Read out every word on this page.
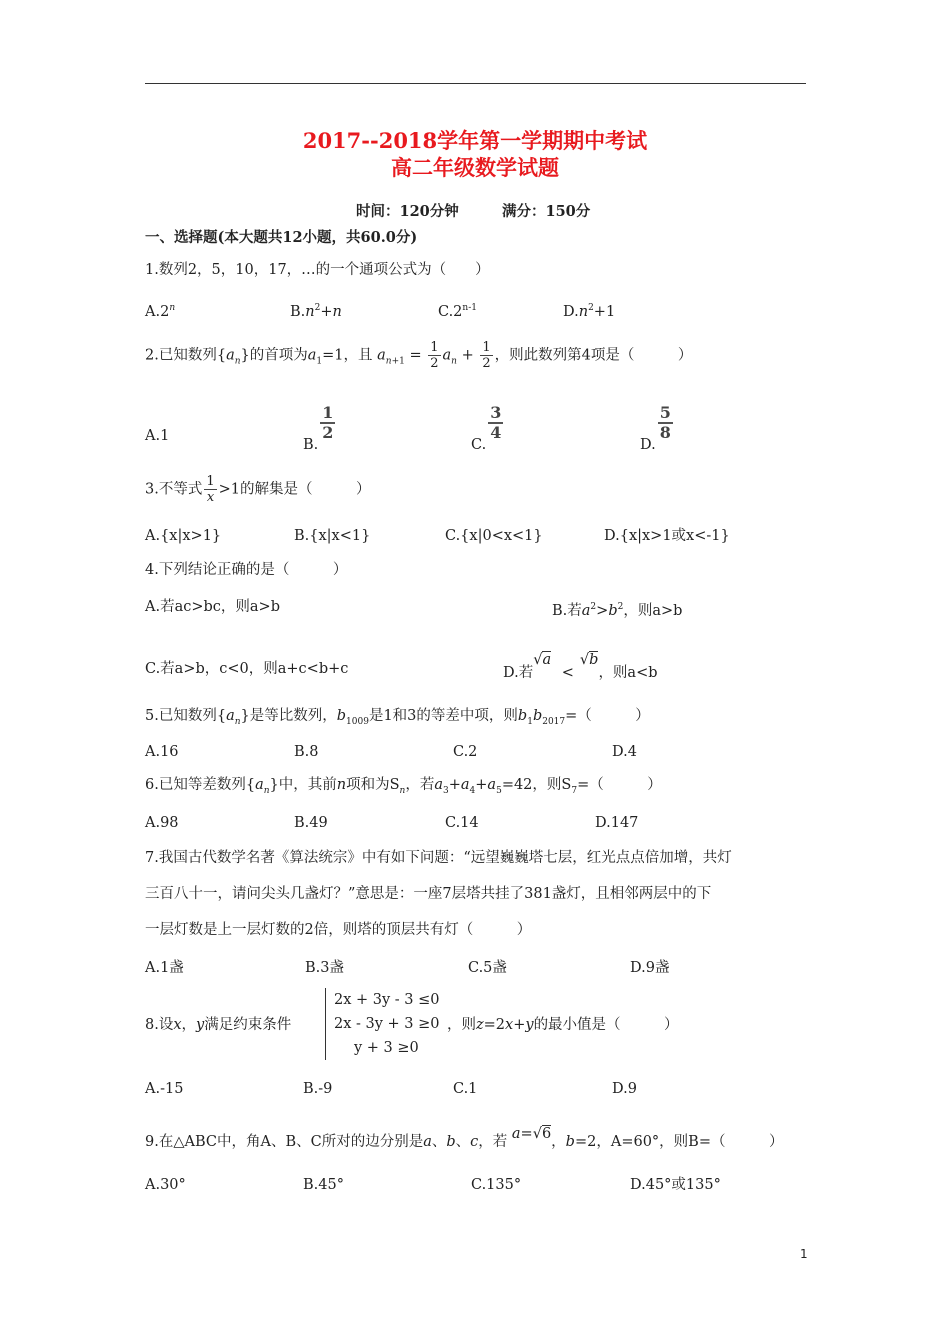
2017--2018学年第一学期期中考试
高二年级数学试题
时间：120分钟	满分：150分
一、选择题(本大题共12小题，共60.0分)
1.数列2，5，10，17，…的一个通项公式为（　　）
A.2$^n$	$B.n^2+n$	C.2$^{n-1}$	$D.n^2+1$
2.已知数列$\{a_n\}$的首项为$a_1=1$，且 $a_{n+1} = \frac{1}{2} a_n + \frac{1}{2}$ ，则此数列第4项是（　　　）
A.1
B.
$\frac{1}{2}$
C.
$\frac{3}{4}$
D.
$\frac{5}{8}$
3.不等式 $\frac{1}{x} >1$的解集是（　　　）
A.{x|x>1}	B.{x|x<1}	C.{x|0<x<1}	D.{x|x>1或x<-1}
4.下列结论正确的是（　　　）
A.若ac>bc，则a>b	B.若$a^2>b^2$，则a>b
C.若a>b，c<0，则a+c<b+c	D.若√a <√b，则a<b
5.已知数列$\{a_n\}$是等比数列，$b_{1009}$是1和3的等差中项，则$b_1b_{2017}=$（　　　）
A.16	B.8	C.2	D.4
6.已知等差数列$\{a_n\}$中，其前n项和为$S_n$，若$a_3+a_4+a_5=42$，则$S_7=$（　　　）
A.98	B.49	C.14	D.147
7.我国古代数学名著《算法统宗》中有如下问题：“远望巍巍塔七层，红光点点倍加增，共灯
三百八十一，请问尖头几盏灯？”意思是：一座7层塔共挂了381盏灯，且相邻两层中的下
一层灯数是上一层灯数的2倍，则塔的顶层共有灯（　　　）
A.1盏	B.3盏	C.5盏	D.9盏
8.设x，y满足约束条件
2x + 3y - 3 ≤0
2x - 3y + 3 ≥0
y + 3 ≥0
，则z=2x+y的最小值是（　　　）
A.-15	B.-9	C.1	D.9
9.在△ABC中，角A、B、C所对的边分别是a、b、c，若 a=√6，b=2，A=60°，则B=（　　　）
A.30°	B.45°	C.135°	D.45°或135°
1
